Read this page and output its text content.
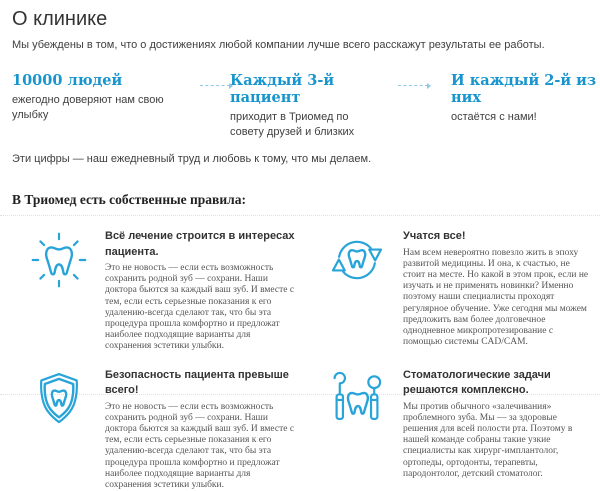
О клинике

Мы убеждены в том, что о достижениях любой компании лучше всего расскажут результаты ее работы.

10000 людей
ежегодно доверяют нам свою улыбку
Каждый 3-й пациент
приходит в Триомед по совету друзей и близких
И каждый 2-й из них
остаётся с нами!

Эти цифры — наш ежедневный труд и любовь к тому, что мы делаем.

В Триомед есть собственные правила:
Всё лечение строится в интересах пациента.

Это не новость — если есть возможность сохранить родной зуб — сохрани. Наши доктора бьются за каждый ваш зуб. И вместе с тем, если есть серьезные показания к его удалению-всегда сделают так, что бы эта процедура прошла комфортно и предложат наиболее подходящие варианты для сохранения эстетики улыбки.

Учатся все!

Нам всем невероятно повезло жить в эпоху развитой медицины. И она, к счастью, не стоит на месте. Но какой в этом прок, если не изучать и не применять новинки? Именно поэтому наши специалисты проходят регулярное обучение. Уже сегодня мы можем предложить вам более долговечное однодневное микропротезирование с помощью системы CAD/CAM.

Безопасность пациента превыше всего!

Это не новость — если есть возможность сохранить родной зуб — сохрани. Наши доктора бьются за каждый ваш зуб. И вместе с тем, если есть серьезные показания к его удалению-всегда сделают так, что бы эта процедура прошла комфортно и предложат наиболее подходящие варианты для сохранения эстетики улыбки.

Стоматологические задачи решаются комплексно.

Мы против обычного «залечивания» проблемного зуба. Мы — за здоровые решения для всей полости рта. Поэтому в нашей команде собраны такие узкие специалисты как хирург-имплантолог, ортопеды, ортодонты, терапевты, пародонтолог, детский стоматолог.
